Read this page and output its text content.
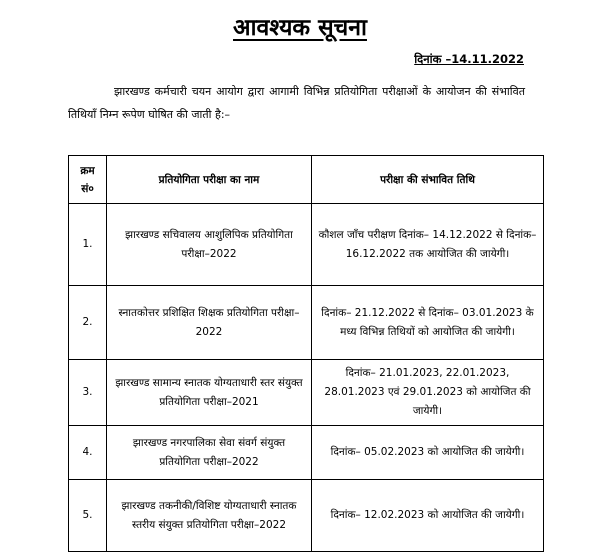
आवश्यक सूचना
दिनांक –14.11.2022
झारखण्ड कर्मचारी चयन आयोग द्वारा आगामी विभिन्न प्रतियोगिता परीक्षाओं के आयोजन की संभावित तिथियाँ निम्न रूपेण घोषित की जाती है:–
क्रम
सं०	प्रतियोगिता परीक्षा का नाम	परीक्षा की संभावित तिथि
1.	झारखण्ड सचिवालय आशुलिपिक प्रतियोगिता परीक्षा–2022	कौशल जाँच परीक्षण दिनांक– 14.12.2022 से दिनांक– 16.12.2022 तक आयोजित की जायेगी।
2.	स्नातकोत्तर प्रशिक्षित शिक्षक प्रतियोगिता परीक्षा–2022	दिनांक– 21.12.2022 से दिनांक– 03.01.2023 के मध्य विभिन्न तिथियों को आयोजित की जायेगी।
3.	झारखण्ड सामान्य स्नातक योग्यताधारी स्तर संयुक्त प्रतियोगिता परीक्षा–2021	दिनांक– 21.01.2023, 22.01.2023, 28.01.2023 एवं 29.01.2023 को आयोजित की जायेगी।
4.	झारखण्ड नगरपालिका सेवा संवर्ग संयुक्त प्रतियोगिता परीक्षा–2022	दिनांक– 05.02.2023 को आयोजित की जायेगी।
5.	झारखण्ड तकनीकी/विशिष्ट योग्यताधारी स्नातक स्तरीय संयुक्त प्रतियोगिता परीक्षा–2022	दिनांक– 12.02.2023 को आयोजित की जायेगी।
